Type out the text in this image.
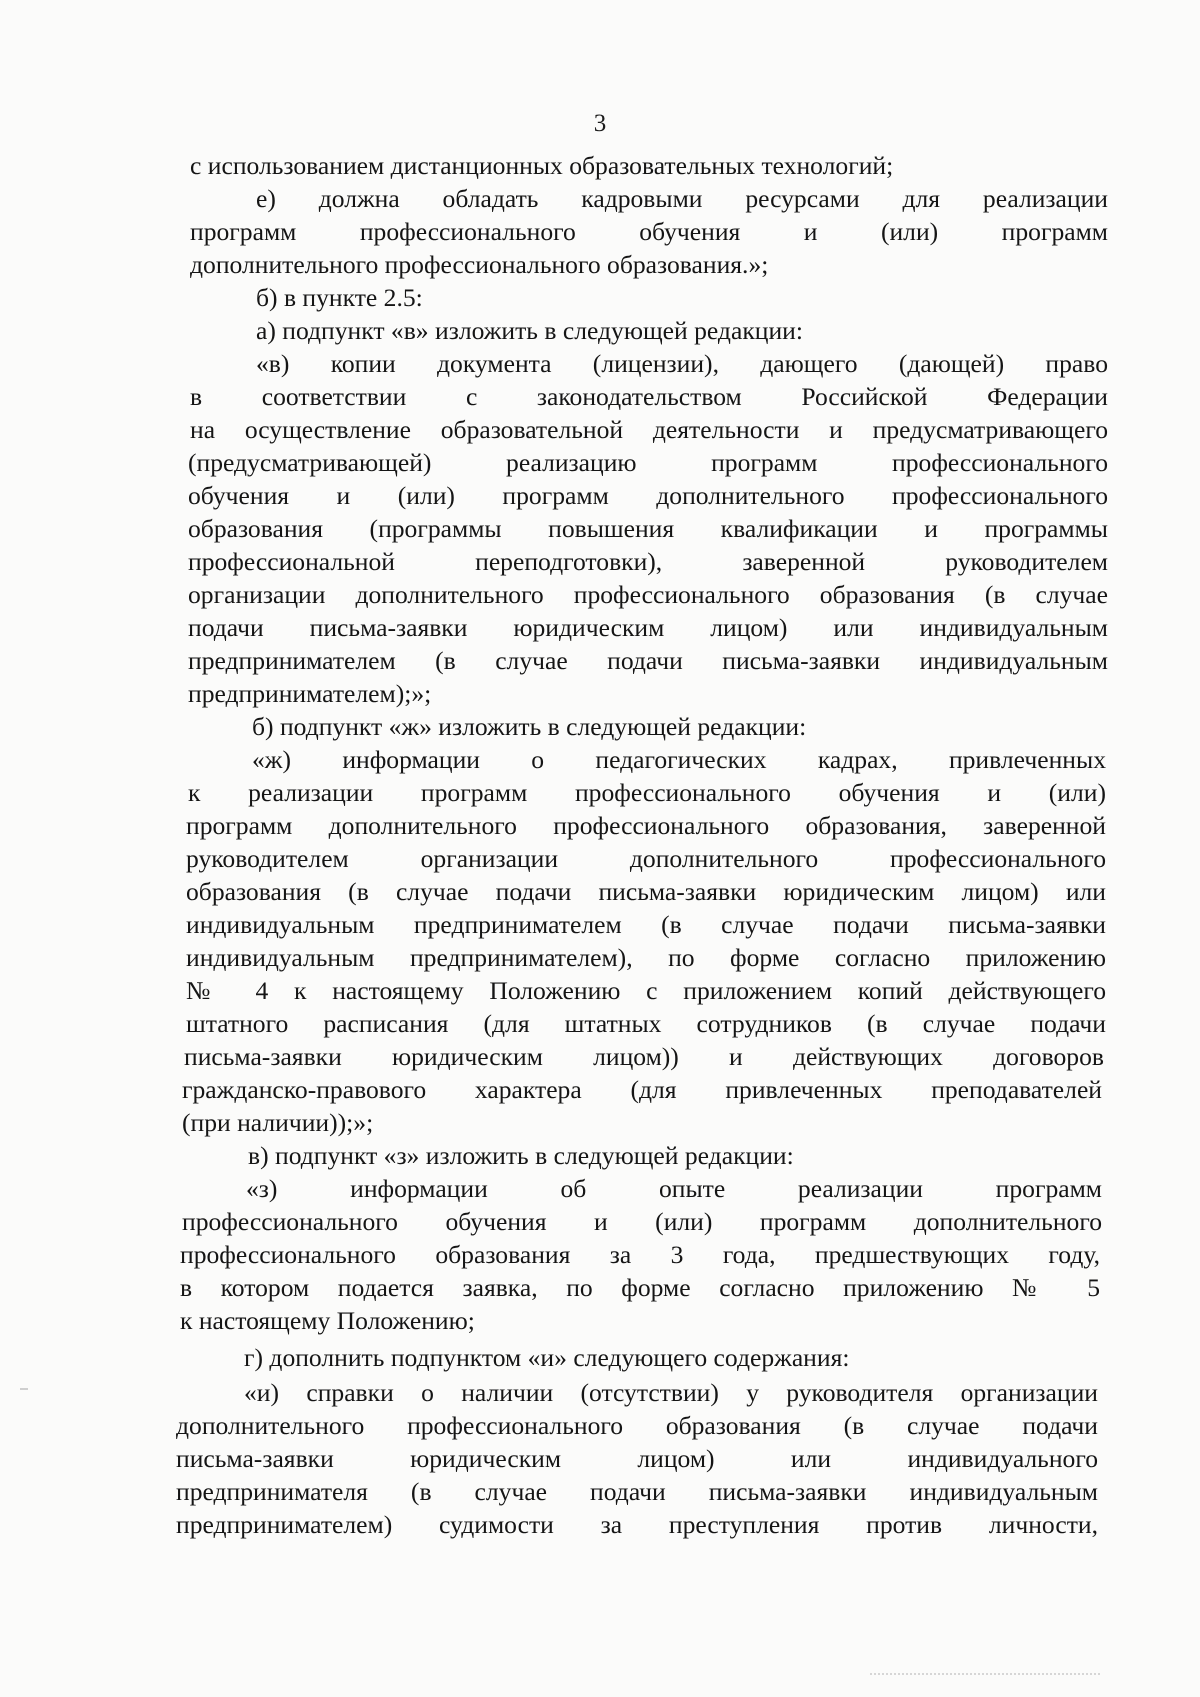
3
с использованием дистанционных образовательных технологий;
е) должна обладать кадровыми ресурсами для реализации
программ профессионального обучения и (или) программ
дополнительного профессионального образования.»;
б) в пункте 2.5:
а) подпункт «в» изложить в следующей редакции:
«в) копии документа (лицензии), дающего (дающей) право
в соответствии с законодательством Российской Федерации
на осуществление образовательной деятельности и предусматривающего
(предусматривающей) реализацию программ профессионального
обучения и (или) программ дополнительного профессионального
образования (программы повышения квалификации и программы
профессиональной переподготовки), заверенной руководителем
организации дополнительного профессионального образования (в случае
подачи письма-заявки юридическим лицом) или индивидуальным
предпринимателем (в случае подачи письма-заявки индивидуальным
предпринимателем);»;
б) подпункт «ж» изложить в следующей редакции:
«ж) информации о педагогических кадрах, привлеченных
к реализации программ профессионального обучения и (или)
программ дополнительного профессионального образования, заверенной
руководителем организации дополнительного профессионального
образования (в случае подачи письма-заявки юридическим лицом) или
индивидуальным предпринимателем (в случае подачи письма-заявки
индивидуальным предпринимателем), по форме согласно приложению
№ 4 к настоящему Положению с приложением копий действующего
штатного расписания (для штатных сотрудников (в случае подачи
письма-заявки юридическим лицом)) и действующих договоров
гражданско-правового характера (для привлеченных преподавателей
(при наличии));»;
в) подпункт «з» изложить в следующей редакции:
«з) информации об опыте реализации программ
профессионального обучения и (или) программ дополнительного
профессионального образования за 3 года, предшествующих году,
в котором подается заявка, по форме согласно приложению № 5
к настоящему Положению;
г) дополнить подпунктом «и» следующего содержания:
«и) справки о наличии (отсутствии) у руководителя организации
дополнительного профессионального образования (в случае подачи
письма-заявки юридическим лицом) или индивидуального
предпринимателя (в случае подачи письма-заявки индивидуальным
предпринимателем) судимости за преступления против личности,
